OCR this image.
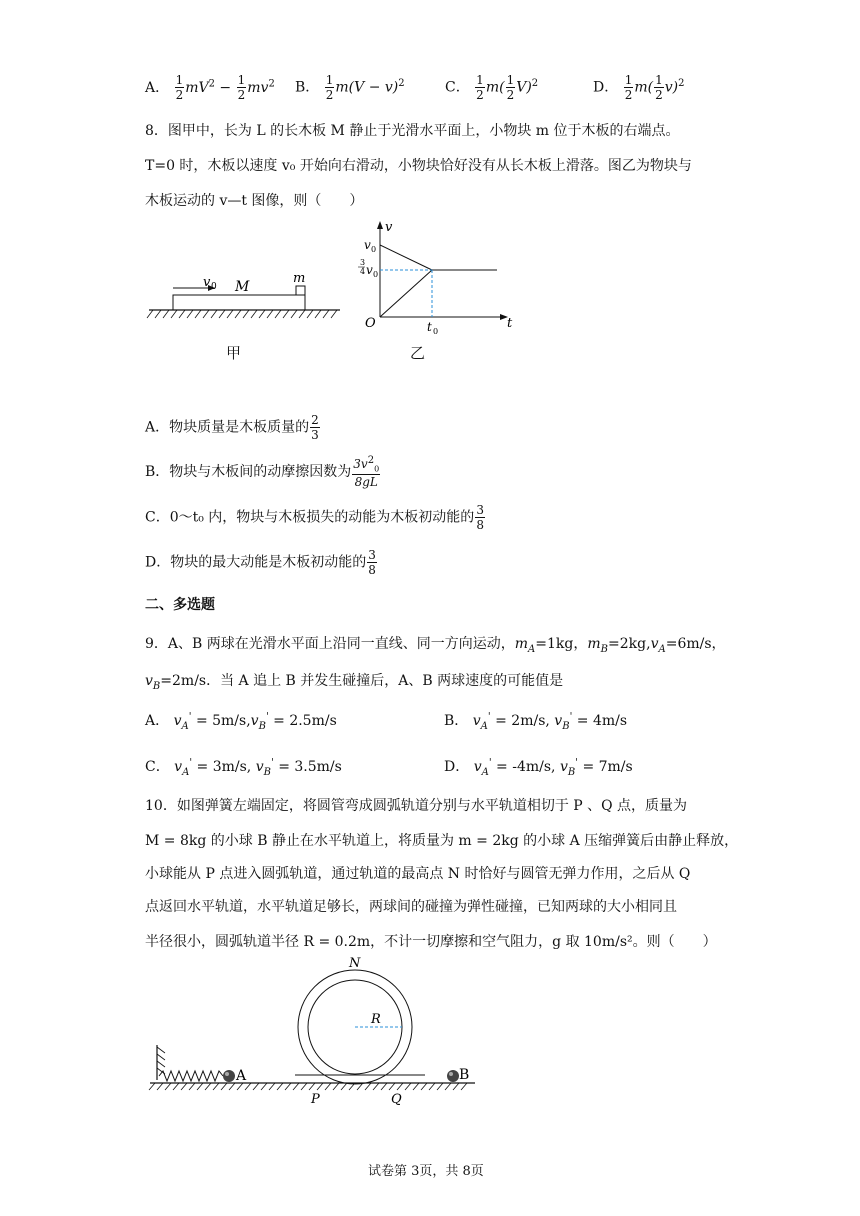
A． $\frac{1}{2} mV^2 - \frac{1}{2} mv^2$ B． $\frac{1}{2} m(V - v)^2$	C． $\frac{1}{2} m( \frac{1}{2} V)^2$	D． $\frac{1}{2} m( \frac{1}{2} v)^2$
8．图甲中，长为 L 的长木板 M 静止于光滑水平面上，小物块 m 位于木板的右端点。
T=0 时，木板以速度 v₀ 开始向右滑动，小物块恰好没有从长木板上滑落。图乙为物块与
木板运动的 v—t 图像，则（　　）
v 0 M
m
甲
v
t
O
v 0
3
4 v 0
t 0
乙
A．物块质量是木板质量的 $\frac{2}{3}$
B．物块与木板间的动摩擦因数为 $\frac{3v^2_0}{8gL}$
C．0～t₀ 内，物块与木板损失的动能为木板初动能的 $\frac{3}{8}$
D．物块的最大动能是木板初动能的 $\frac{3}{8}$
二、多选题
9．A、B 两球在光滑水平面上沿同一直线、同一方向运动，$m_A=1kg$，$m_B=2kg,v_A=6m/s$，
$v_B=2m/s$．当 A 追上 B 并发生碰撞后，A、B 两球速度的可能值是
A． $v_A' = 5m/s,v_B' = 2.5m/s$	B． $v_A' = 2m/s$, $v_B' = 4m/s$
C． $v_A' = 3m/s$, $v_B' = 3.5m/s$	D． $v_A' = -4m/s$, $v_B' = 7m/s$
10．如图弹簧左端固定，将圆管弯成圆弧轨道分别与水平轨道相切于 P 、Q 点，质量为
M = 8kg 的小球 B 静止在水平轨道上，将质量为 m = 2kg 的小球 A 压缩弹簧后由静止释放，
小球能从 P 点进入圆弧轨道，通过轨道的最高点 N 时恰好与圆管无弹力作用，之后从 Q
点返回水平轨道，水平轨道足够长，两球间的碰撞为弹性碰撞，已知两球的大小相同且
半径很小，圆弧轨道半径 R = 0.2m，不计一切摩擦和空气阻力，g 取 10m/s²。则（　　）
A
R
N
P	Q
B
试卷第 3页，共 8页
